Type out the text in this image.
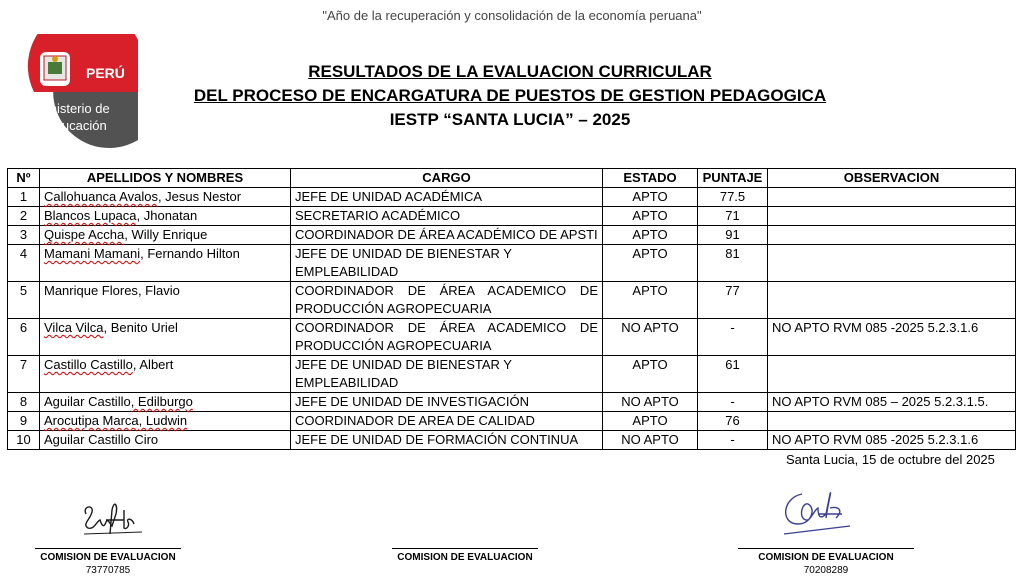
"Año de la recuperación y consolidación de la economía peruana"
PERÚ
Ministerio de
Educación
RESULTADOS DE LA EVALUACION CURRICULAR
DEL PROCESO DE ENCARGATURA DE PUESTOS DE GESTION PEDAGOGICA
IESTP “SANTA LUCIA” – 2025
Nº	APELLIDOS Y NOMBRES	CARGO	ESTADO	PUNTAJE	OBSERVACION
1	Callohuanca Avalos, Jesus Nestor	JEFE DE UNIDAD ACADÉMICA	APTO	77.5	
2	Blancos Lupaca, Jhonatan	SECRETARIO ACADÉMICO	APTO	71	
3	Quispe Accha, Willy Enrique	COORDINADOR DE ÁREA ACADÉMICO DE APSTI	APTO	91	
4	Mamani Mamani, Fernando Hilton	JEFE DE UNIDAD DE BIENESTAR Y EMPLEABILIDAD	APTO	81	
5	Manrique Flores, Flavio	COORDINADOR DE ÁREA ACADEMICO DE
PRODUCCIÓN AGROPECUARIA	APTO	77	
6	Vilca Vilca, Benito Uriel	COORDINADOR DE ÁREA ACADEMICO DE
PRODUCCIÓN AGROPECUARIA	NO APTO	-	NO APTO RVM 085 -2025 5.2.3.1.6
7	Castillo Castillo, Albert	JEFE DE UNIDAD DE BIENESTAR Y EMPLEABILIDAD	APTO	61	
8	Aguilar Castillo, Edilburgo	JEFE DE UNIDAD DE INVESTIGACIÓN	NO APTO	-	NO APTO RVM 085 – 2025 5.2.3.1.5.
9	Arocutipa Marca, Ludwin	COORDINADOR DE AREA DE CALIDAD	APTO	76	
10	Aguilar Castillo Ciro	JEFE DE UNIDAD DE FORMACIÓN CONTINUA	NO APTO	-	NO APTO RVM 085 -2025 5.2.3.1.6
Santa Lucia, 15 de octubre del 2025
COMISION DE EVALUACION
73770785
COMISION DE EVALUACION	COMISION DE EVALUACION
70208289
